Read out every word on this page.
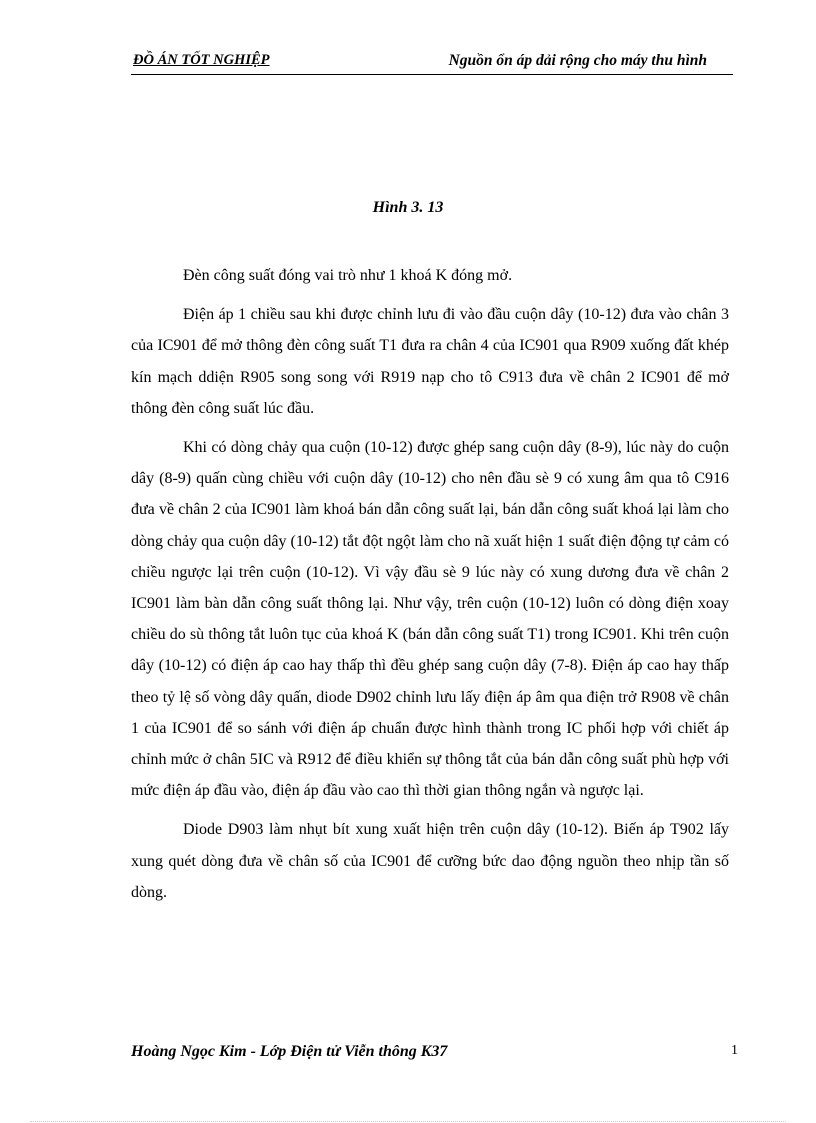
ĐỒ ÁN TỐT NGHIỆP	Nguồn ổn áp dải rộng cho máy thu hình
Hình 3. 13

Đèn công suất đóng vai trò như 1 khoá K đóng mở.

Điện áp 1 chiều sau khi được chỉnh lưu đi vào đầu cuộn dây (10-12) đưa vào chân 3 của IC901 để mở thông đèn công suất T1 đưa ra chân 4 của IC901 qua R909 xuống đất khép kín mạch ddiện R905 song song với R919 nạp cho tô C913 đưa về chân 2 IC901 để mở thông đèn công suất lúc đầu.

Khi có dòng chảy qua cuộn (10-12) được ghép sang cuộn dây (8-9), lúc này do cuộn dây (8-9) quấn cùng chiều với cuộn dây (10-12) cho nên đầu sè 9 có xung âm qua tô C916 đưa về chân 2 của IC901 làm khoá bán dẫn công suất lại, bán dẫn công suất khoá lại làm cho dòng chảy qua cuộn dây (10-12) tắt đột ngột làm cho nã xuất hiện 1 suất điện động tự cảm có chiều ngược lại trên cuộn (10-12). Vì vậy đầu sè 9 lúc này có xung dương đưa về chân 2 IC901 làm bàn dẫn công suất thông lại. Như vậy, trên cuộn (10-12) luôn có dòng điện xoay chiều do sù thông tắt luôn tục của khoá K (bán dẫn công suất T1) trong IC901. Khi trên cuộn dây (10-12) có điện áp cao hay thấp thì đều ghép sang cuộn dây (7-8). Điện áp cao hay thấp theo tỷ lệ số vòng dây quấn, diode D902 chỉnh lưu lấy điện áp âm qua điện trở R908 về chân 1 của IC901 để so sánh với điện áp chuẩn được hình thành trong IC phối hợp với chiết áp chỉnh mức ở chân 5IC và R912 để điều khiển sự thông tắt của bán dẫn công suất phù hợp với mức điện áp đầu vào, điện áp đầu vào cao thì thời gian thông ngắn và ngược lại.

Diode D903 làm nhụt bít xung xuất hiện trên cuộn dây (10-12). Biến áp T902 lấy xung quét dòng đưa về chân số của IC901 để cưỡng bức dao động nguồn theo nhịp tần số dòng.

Hoàng Ngọc Kim - Lớp Điện tử Viễn thông K37	1
